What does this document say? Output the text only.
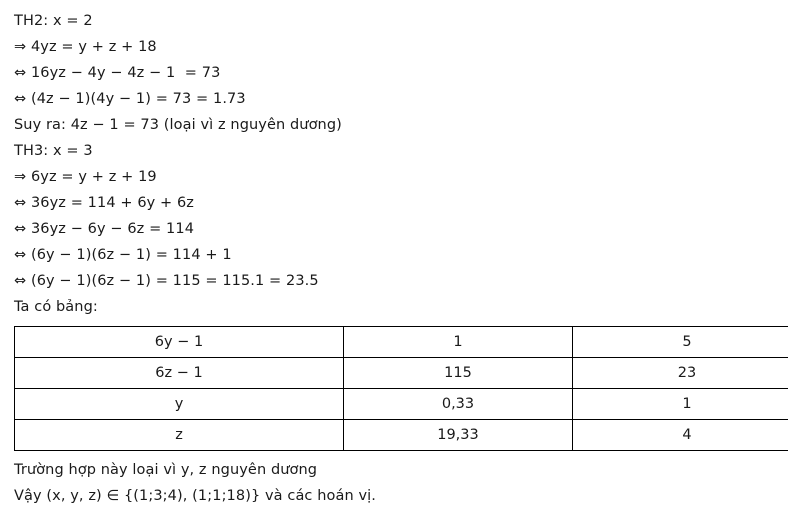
TH2: x = 2
⇒ 4yz = y + z + 18
⇔ 16yz − 4y − 4z − 1  = 73
⇔ (4z − 1)(4y − 1) = 73 = 1.73
Suy ra: 4z − 1 = 73 (loại vì z nguyên dương)
TH3: x = 3
⇒ 6yz = y + z + 19
⇔ 36yz = 114 + 6y + 6z
⇔ 36yz − 6y − 6z = 114
⇔ (6y − 1)(6z − 1) = 114 + 1
⇔ (6y − 1)(6z − 1) = 115 = 115.1 = 23.5
Ta có bảng:
6y − 1	1	5
6z − 1	115	23
y	0,33	1
z	19,33	4
Trường hợp này loại vì y, z nguyên dương
Vậy (x, y, z) ∈ {(1;3;4), (1;1;18)} và các hoán vị.
